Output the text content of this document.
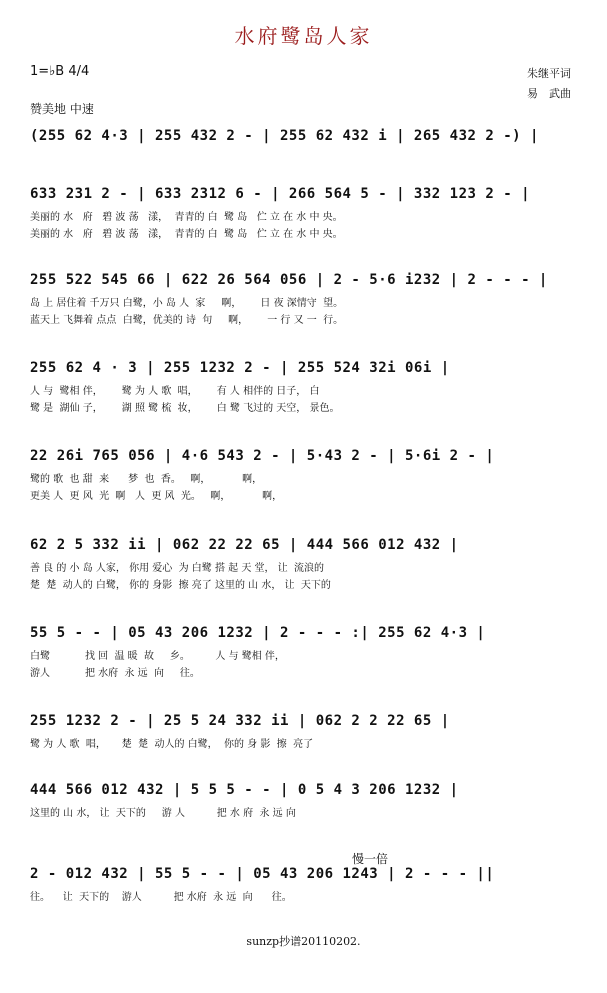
水府鹭岛人家
1=♭B 4/4	朱继平词
易　武曲
赞美地 中速
(255 62 4·3 | 255 432 2 - | 255 62 432 i | 265 432 2 -) |
633 231 2 - | 633 2312 6 - | 266 564 5 - | 332 123 2 - |
美丽的 水   府   碧 波 荡   漾，  青青的 白  鹭 岛   伫 立 在 水 中 央。
美丽的 水   府   碧 波 荡   漾，  青青的 白  鹭 岛   伫 立 在 水 中 央。
255 522 545 66 | 622 26 564 056 | 2 - 5·6 i232 | 2 - - - |
岛 上 居住着 千万只 白鹭，小 岛 人  家     啊，      日 夜 深情守  望。
蓝天上 飞舞着 点点  白鹭，优美的 诗  句     啊，      一 行 又 一  行。
255 62 4 · 3 | 255 1232 2 - | 255 524 32i 06i |
人 与  鹭相 伴，      鹭 为 人 歌  唱，      有 人 相伴的 日子， 白
鹭 是  湖仙 子，      湖 照 鹭 梳  妆，      白 鹭 飞过的 天空， 景色。
22 26i 765 056 | 4·6 543 2 - | 5·43 2 - | 5·6i 2 - |
鹭的 歌  也 甜  来      梦  也  香。   啊，          啊，
更美 人  更 风  光  啊   人  更 风  光。   啊，          啊，
62 2 5 332 ii | 062 22 22 65 | 444 566 012 432 |
善 良 的 小 岛 人家， 你用 爱心  为 白鹭 搭 起 天 堂， 让  流浪的
楚  楚  动人的 白鹭， 你的 身影  擦 亮了 这里的 山 水， 让  天下的
55 5 - - | 05 43 206 1232 | 2 - - - :| 255 62 4·3 |
白鹭           找 回  温 暖  故     乡。        人 与 鹭相 伴，
游人           把 水府  永 远  向     往。
255 1232 2 - | 25 5 24 332 ii | 062 2 2 22 65 |
鹭 为 人 歌  唱，     楚  楚  动人的 白鹭，  你的 身 影  擦  亮了
444 566 012 432 | 5 5 5 - - | 0 5 4 3 206 1232 |
这里的 山 水， 让  天下的     游 人          把 水 府  永 远 向
慢一倍
2 - 012 432 | 55 5 - - | 05 43 206 1243 | 2 - - - ||
往。    让  天下的    游人          把 水府  永 远  向      往。
sunzp抄谱20110202.
